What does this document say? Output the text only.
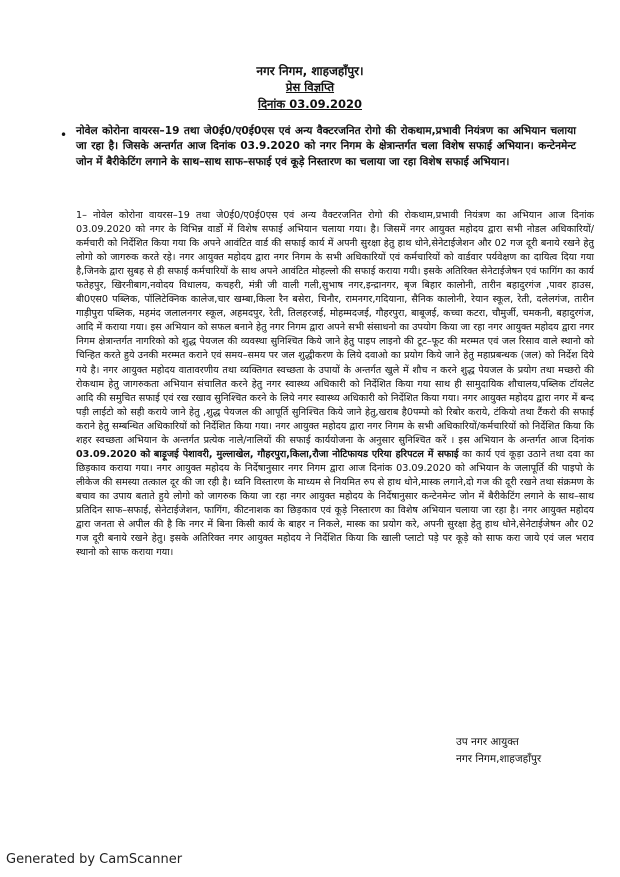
नगर निगम, शाहजहाँपुर।
प्रेस विज्ञप्ति
दिनांक 03.09.2020
• नोवेल कोरोना वायरस–19 तथा जे0ई0/ए0ई0एस एवं अन्य वैक्टरजनित रोगो की रोकथाम,प्रभावी नियंत्रण का अभियान चलाया जा रहा है। जिसके अन्तर्गत आज दिनांक 03.9.2020 को नगर निगम के क्षेत्रान्तर्गत चला विशेष सफाई अभियान। कन्टेनमेन्ट जोन में बैरीकेटिंग लगाने के साथ–साथ साफ–सफाई एवं कूड़े निस्तारण का चलाया जा रहा विशेष सफाई अभियान।
1– नोवेल कोरोना वायरस–19 तथा जे0ई0/ए0ई0एस एवं अन्य वैक्टरजनित रोगो की रोकथाम,प्रभावी नियंत्रण का अभियान आज दिनांक 03.09.2020 को नगर के विभिन्न वार्डो में विशेष सफाई अभियान चलाया गया। है। जिसमें नगर आयुक्त महोदय द्वारा सभी नोडल अधिकारियों/कर्मचारी को निर्देशित किया गया कि अपने आवंटित वार्ड की सफाई कार्य में अपनी सुरक्षा हेतु हाथ धोने,सेनेटाईजेशन और 02 गज दूरी बनाये रखने हेतु लोगो को जागरुक करते रहे। नगर आयुक्त महोदय द्वारा नगर निगम के सभी अधिकारियों एवं कर्मचारियों को वार्डवार पर्यवेक्षण का दायित्व दिया गया है,जिनके द्वारा सुबह से ही सफाई कर्मचारियों के साथ अपने आवंटित मोहल्लो की सफाई कराया गयी। इसके अतिरिक्त सेनेटाईजेषन एवं फागिंग का कार्य फतेहपुर, खिरनीबाग,नवोदय विधालय, कचहरी, मंत्री जी वाली गली,सुभाष नगर,इन्द्रानगर, बृज बिहार कालोनी, तारीन बहादुरगंज ,पावर हाउस, बी0एस0 पब्लिक, पॉलिटेक्निक कालेज,चार खम्बा,किला रैन बसेरा, चिनौर, रामनगर,गदियाना, सैनिक कालोनी, रेयान स्कूल, रेती, दलेलगंज, तारीन गाड़ीपुरा पब्लिक, महमंद जलालनगर स्कूल, अहमदपुर, रेती, तिलहरजई, मोहम्मदजई, गौहरपुरा, बाबूजई, कच्चा कटरा, चौमुर्जी, चमकनी, बहादुरगंज, आदि में कराया गया। इस अभियान को सफल बनाने हेतु नगर निगम द्वारा अपने सभी संसाधनो का उपयोग किया जा रहा नगर आयुक्त महोदय द्वारा नगर निगम क्षेत्रान्तर्गत नागरिको को शुद्ध पेयजल की व्यवस्था सुनिश्चित किये जाने हेतु पाइप लाइनो की टूट–फूट की मरम्मत एवं जल रिसाव वाले स्थानो को चिन्हित करते हुये उनकी मरम्मत कराने एवं समय–समय पर जल शुद्धीकरण के लिये दवाओ का प्रयोग किये जाने हेतु महाप्रबन्धक (जल) को निर्देश दिये गये है। नगर आयुक्त महोदय वातावरणीय तथा व्यक्तिगत स्वच्छता के उपायों के अन्तर्गत खुले में शौच न करने शुद्ध पेयजल के प्रयोग तथा मच्छरो की रोकथाम हेतु जागरुकता अभियान संचालित करने हेतु नगर स्वास्थ्य अधिकारी को निर्देशित किया गया साथ ही सामुदायिक शौचालय,पब्लिक टॉयलेट आदि की समुचित सफाई एवं रख रखाव सुनिश्चित करने के लिये नगर स्वास्थ्य अधिकारी को निर्देशित किया गया। नगर आयुक्त महोदय द्वारा नगर में बन्द पड़ी लाईटो को सही कराये जाने हेतु ,शुद्ध पेयजल की आपूर्ति सुनिश्चित किये जाने हेतु,खराब है0पम्पो को रिबोर कराये, टंकियो तथा टैंकरो की सफाई कराने हेतु सम्बन्धित अधिकारियों को निर्देशित किया गया। नगर आयुक्त महोदय द्वारा नगर निगम के सभी अधिकारियों/कर्मचारियों को निर्देशित किया कि शहर स्वच्छता अभियान के अन्तर्गत प्रत्येक नाले/नालियों की सफाई कार्ययोजना के अनुसार सुनिश्चित करें । इस अभियान के अन्तर्गत आज दिनांक 03.09.2020 को बाड़ूजई पेशावरी, मुल्लाखेल, गौहरपुरा,किला,रौजा नोटिफायड एरिया हरिपटल में सफाई का कार्य एवं कूड़ा उठाने तथा दवा का छिड़काव कराया गया। नगर आयुक्त महोदय के निर्देषानुसार नगर निगम द्वारा आज दिनांक 03.09.2020 को अभियान के जलापूर्ति की पाइपो के लीकेज की समस्या तत्काल दूर की जा रही है। ध्वनि विस्तारण के माध्यम से नियमित रुप से हाथ धोने,मास्क लगाने,दो गज की दूरी रखने तथा संक्रमण के बचाव का उपाय बताते हुये लोगो को जागरुक किया जा रहा नगर आयुक्त महोदय के निर्देषानुसार कन्टेनमेन्ट जोन में बैरीकेटिंग लगाने के साथ–साथ प्रतिदिन साफ–सफाई, सेनेटाईजेशन, फागिंग, कीटनाशक का छिड़काव एवं कूड़े निस्तारण का विशेष अभियान चलाया जा रहा है। नगर आयुक्त महोदय द्वारा जनता से अपील की है कि नगर में बिना किसी कार्य के बाहर न निकले, मास्क का प्रयोग करे, अपनी सुरक्षा हेतु हाथ धोने,सेनेटाईजेषन और 02 गज दूरी बनाये रखने हेतु। इसके अतिरिक्त नगर आयुक्त महोदय ने निर्देशित किया कि खाली प्लाटो पड़े पर कूड़े को साफ करा जाये एवं जल भराव स्थानो को साफ कराया गया।
उप नगर आयुक्त
नगर निगम,शाहजहाँपुर
Generated by CamScanner
